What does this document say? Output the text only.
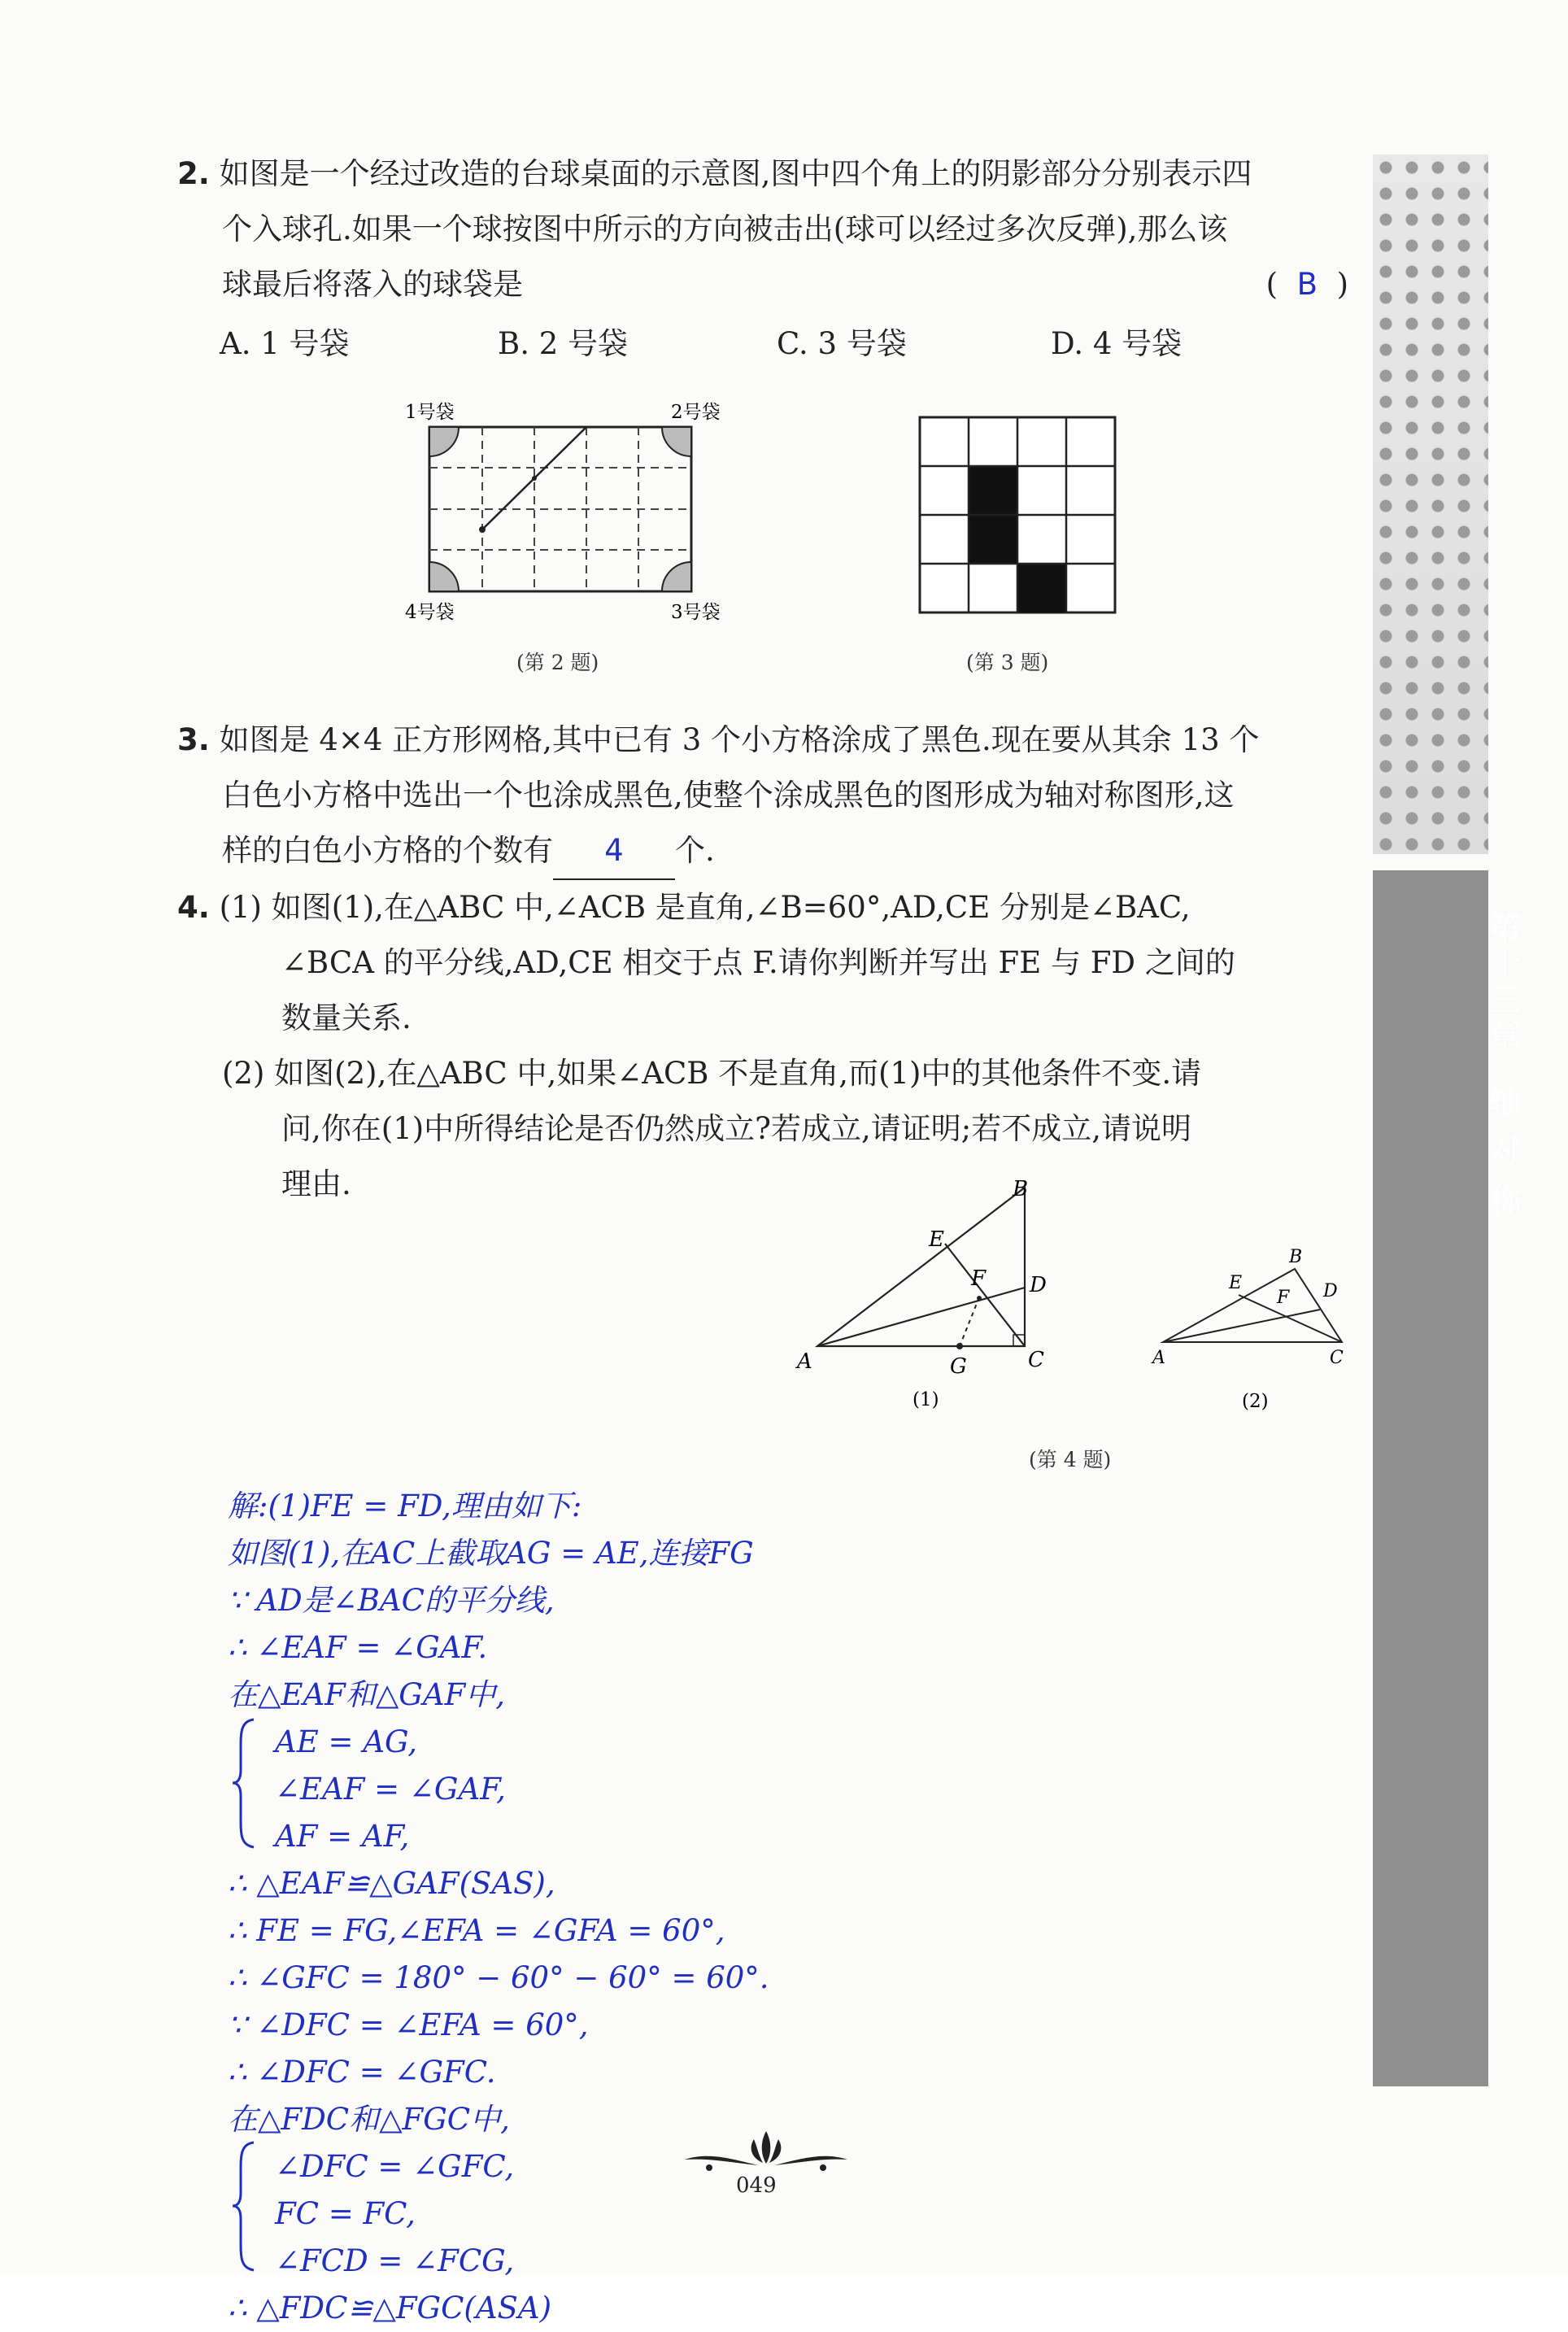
2. 如图是一个经过改造的台球桌面的示意图,图中四个角上的阴影部分分别表示四
个入球孔.如果一个球按图中所示的方向被击出(球可以经过多次反弹),那么该
球最后将落入的球袋是	( B )
A. 1 号袋	B. 2 号袋	C. 3 号袋	D. 4 号袋
1号袋	2号袋
4号袋	3号袋
(第 2 题)	(第 3 题)
3. 如图是 4×4 正方形网格,其中已有 3 个小方格涂成了黑色.现在要从其余 13 个
白色小方格中选出一个也涂成黑色,使整个涂成黑色的图形成为轴对称图形,这
样的白色小方格的个数有 4 个.
4. (1) 如图(1),在△ABC 中,∠ACB 是直角,∠B=60°,AD,CE 分别是∠BAC,
∠BCA 的平分线,AD,CE 相交于点 F.请你判断并写出 FE 与 FD 之间的
数量关系.
(2) 如图(2),在△ABC 中,如果∠ACB 不是直角,而(1)中的其他条件不变.请
问,你在(1)中所得结论是否仍然成立?若成立,请证明;若不成立,请说明
理由.
A
B
C
D
E
F
G
(1)
A
B
C
D
E
F
(2)
(第 4 题)
解:(1)FE = FD,理由如下:
如图(1),在AC上截取AG = AE,连接FG
∵ AD是∠BAC的平分线,
∴ ∠EAF = ∠GAF.
在△EAF和△GAF中,
AE = AG,
∠EAF = ∠GAF,
AF = AF,
∴ △EAF≌△GAF(SAS),
∴ FE = FG,∠EFA = ∠GFA = 60°,
∴ ∠GFC = 180° − 60° − 60° = 60°.
∵ ∠DFC = ∠EFA = 60°,
∴ ∠DFC = ∠GFC.
在△FDC和△FGC中,
∠DFC = ∠GFC,
FC = FC,
∠FCD = ∠FCG,
∴ △FDC≌△FGC(ASA)
049
第十三章 轴 对 称
